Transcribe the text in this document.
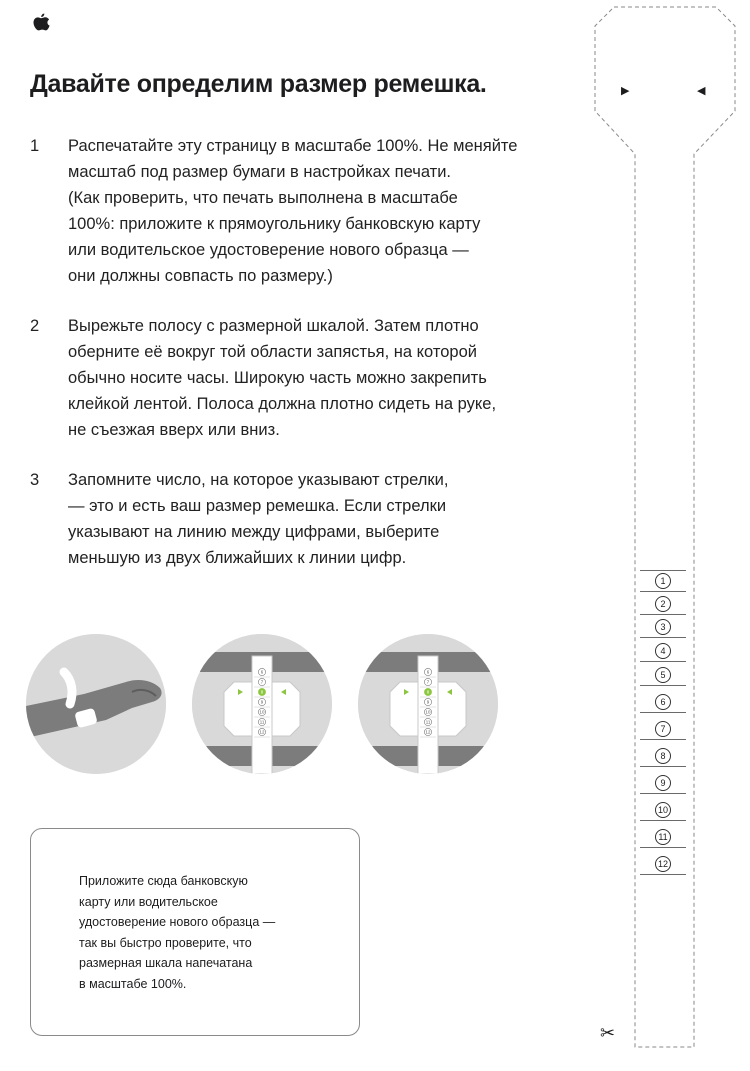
Давайте определим размер ремешка.
1 Распечатайте эту страницу в масштабе 100%. Не меняйте
масштаб под размер бумаги в настройках печати.
(Как проверить, что печать выполнена в масштабе
100%: приложите к прямоугольнику банковскую карту
или водительское удостоверение нового образца —
они должны совпасть по размеру.)
2 Вырежьте полосу с размерной шкалой. Затем плотно
оберните её вокруг той области запястья, на которой
обычно носите часы. Широкую часть можно закрепить
клейкой лентой. Полоса должна плотно сидеть на руке,
не съезжая вверх или вниз.
3 Запомните число, на которое указывают стрелки,
— это и есть ваш размер ремешка. Если стрелки
указывают на линию между цифрами, выберите
меньшую из двух ближайших к линии цифр.
6
7
8
9
10
11
12
6
7
8
9
10
11
12
Приложите сюда банковскую
карту или водительское
удостоверение нового образца —
так вы быстро проверите, что
размерная шкала напечатана
в масштабе 100%.
▶	◀
1
2
3
4
5
6
7
8
9
10
11
12
✂
